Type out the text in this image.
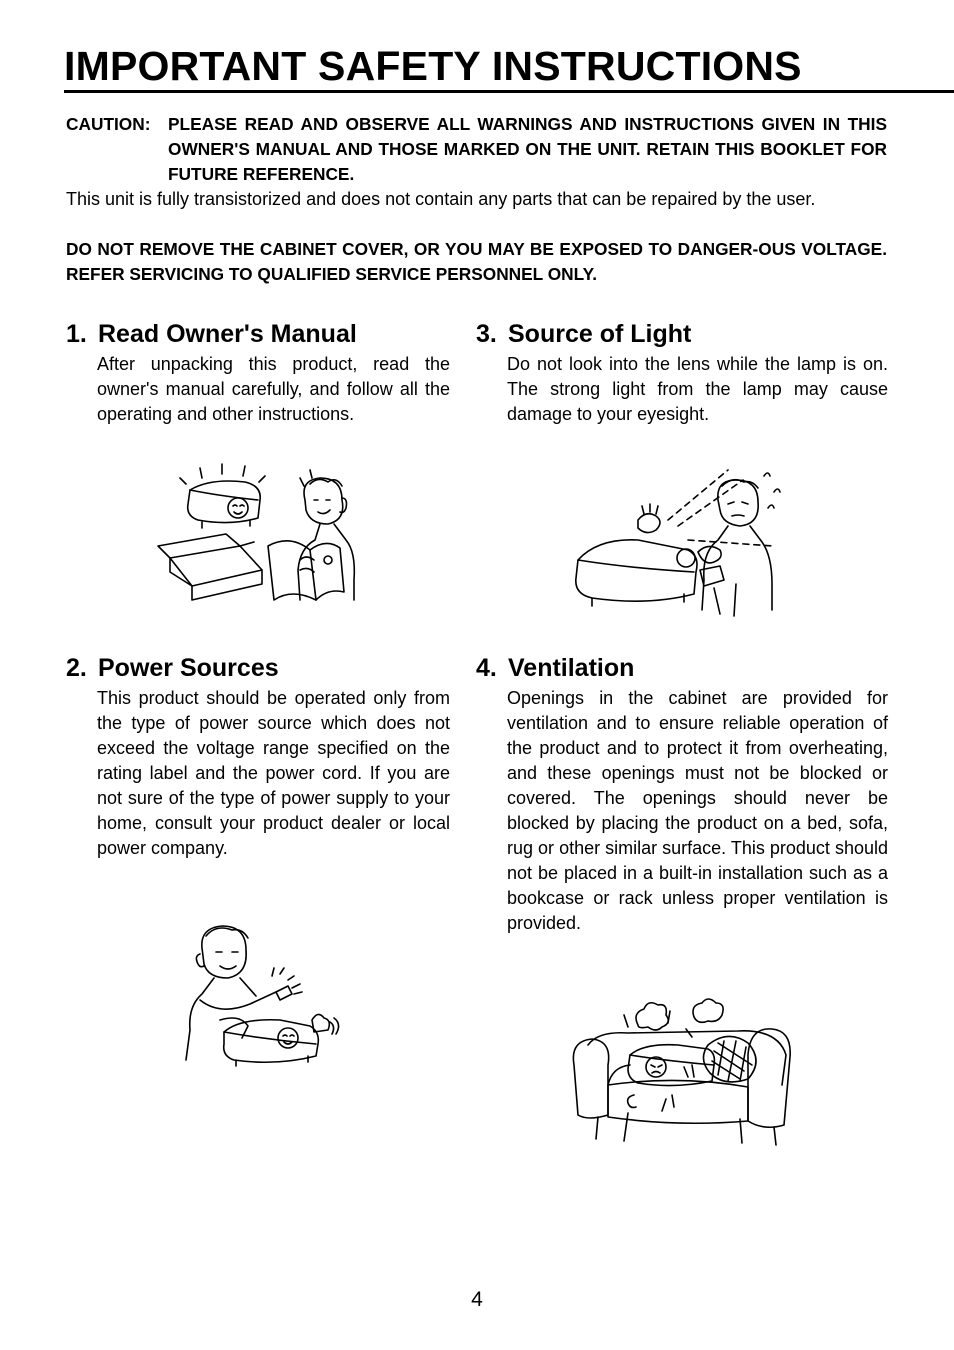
IMPORTANT SAFETY INSTRUCTIONS
CAUTION:	PLEASE READ AND OBSERVE ALL WARNINGS AND INSTRUCTIONS GIVEN IN THIS OWNER'S MANUAL AND THOSE MARKED ON THE UNIT. RETAIN THIS BOOKLET FOR FUTURE REFERENCE.
This unit is fully transistorized and does not contain any parts that can be repaired by the user.
DO NOT REMOVE THE CABINET COVER, OR YOU MAY BE EXPOSED TO DANGER-OUS VOLTAGE. REFER SERVICING TO QUALIFIED SERVICE PERSONNEL ONLY.
1. Read Owner's Manual
After unpacking this product, read the owner's manual carefully, and follow all the operating and other instructions.
3. Source of Light
Do not look into the lens while the lamp is on. The strong light from the lamp may cause damage to your eyesight.
2. Power Sources
This product should be operated only from the type of power source which does not exceed the voltage range specified on the rating label and the power cord. If you are not sure of the type of power supply to your home, consult your product dealer or local power company.
4. Ventilation
Openings in the cabinet are provided for ventilation and to ensure reliable operation of the product and to protect it from overheating, and these openings must not be blocked or covered. The openings should never be blocked by placing the product on a bed, sofa, rug or other similar surface. This product should not be placed in a built-in installation such as a bookcase or rack unless proper ventilation is provided.
4
